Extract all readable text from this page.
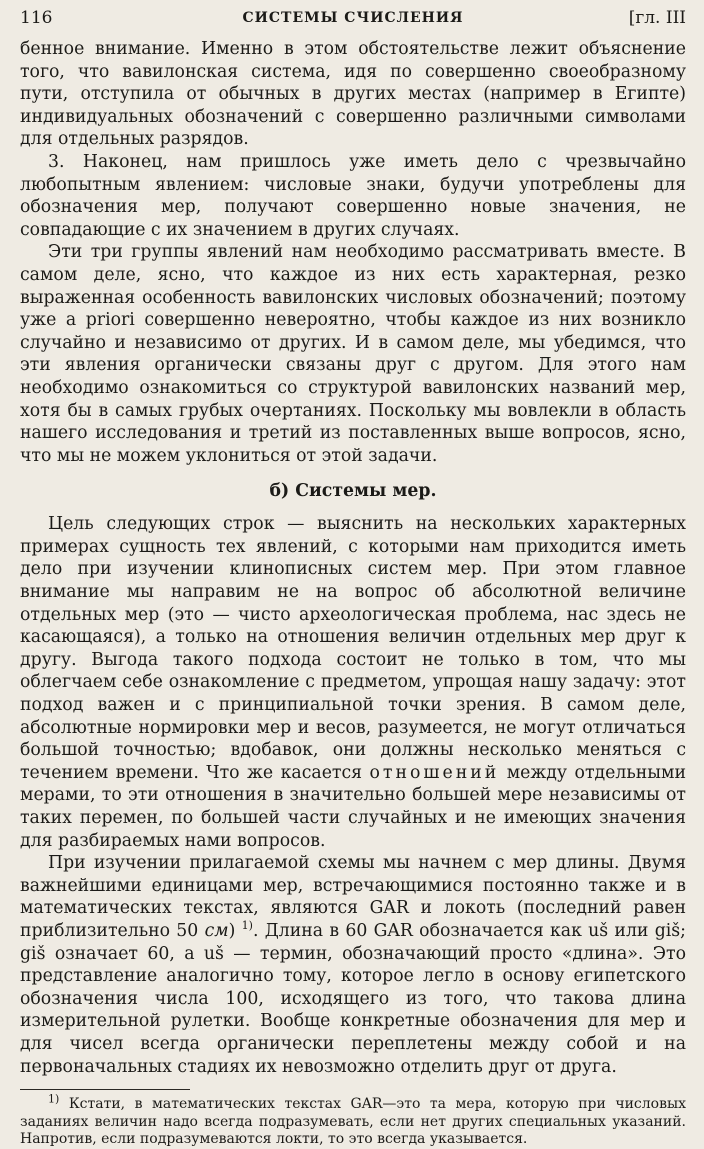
116	СИСТЕМЫ СЧИСЛЕНИЯ	[гл. III

бенное внимание. Именно в этом обстоятельстве лежит объяснение того, что вавилонская система, идя по совершенно своеобразному пути, отступила от обычных в других местах (например в Египте) индивидуальных обозначений с совершенно различными символами для отдельных разрядов.

3. Наконец, нам пришлось уже иметь дело с чрезвычайно любопытным явлением: числовые знаки, будучи употреблены для обозначения мер, получают совершенно новые значения, не совпадающие с их значением в других случаях.

Эти три группы явлений нам необходимо рассматривать вместе. В самом деле, ясно, что каждое из них есть характерная, резко выраженная особенность вавилонских числовых обозначений; поэтому уже a priori совершенно невероятно, чтобы каждое из них возникло случайно и независимо от других. И в самом деле, мы убедимся, что эти явления органически связаны друг с другом. Для этого нам необходимо ознакомиться со структурой вавилонских названий мер, хотя бы в самых грубых очертаниях. Поскольку мы вовлекли в область нашего исследования и третий из поставленных выше вопросов, ясно, что мы не можем уклониться от этой задачи.

б) Системы мер.

Цель следующих строк — выяснить на нескольких характерных примерах сущность тех явлений, с которыми нам приходится иметь дело при изучении клинописных систем мер. При этом главное внимание мы направим не на вопрос об абсолютной величине отдельных мер (это — чисто археологическая проблема, нас здесь не касающаяся), а только на отношения величин отдельных мер друг к другу. Выгода такого подхода состоит не только в том, что мы облегчаем себе ознакомление с предметом, упрощая нашу задачу: этот подход важен и с принципиальной точки зрения. В самом деле, абсолютные нормировки мер и весов, разумеется, не могут отличаться большой точностью; вдобавок, они должны несколько меняться с течением времени. Что же касается отношений между отдельными мерами, то эти отношения в значительно большей мере независимы от таких перемен, по большей части случайных и не имеющих значения для разбираемых нами вопросов.

При изучении прилагаемой схемы мы начнем с мер длины. Двумя важнейшими единицами мер, встречающимися постоянно также и в математических текстах, являются GAR и локоть (последний равен приблизительно 50 см) $^{1)}$. Длина в 60 GAR обозначается как uš или giš; giš означает 60, a uš — термин, обозначающий просто «длина». Это представление аналогично тому, которое легло в основу египетского обозначения числа 100, исходящего из того, что такова длина измерительной рулетки. Вообще конкретные обозначения для мер и для чисел всегда органически переплетены между собой и на первоначальных стадиях их невозможно отделить друг от друга.

$^{1)}$ Кстати, в математических текстах GAR—это та мера, которую при числовых заданиях величин надо всегда подразумевать, если нет других специальных указаний. Напротив, если подразумеваются локти, то это всегда указывается.
